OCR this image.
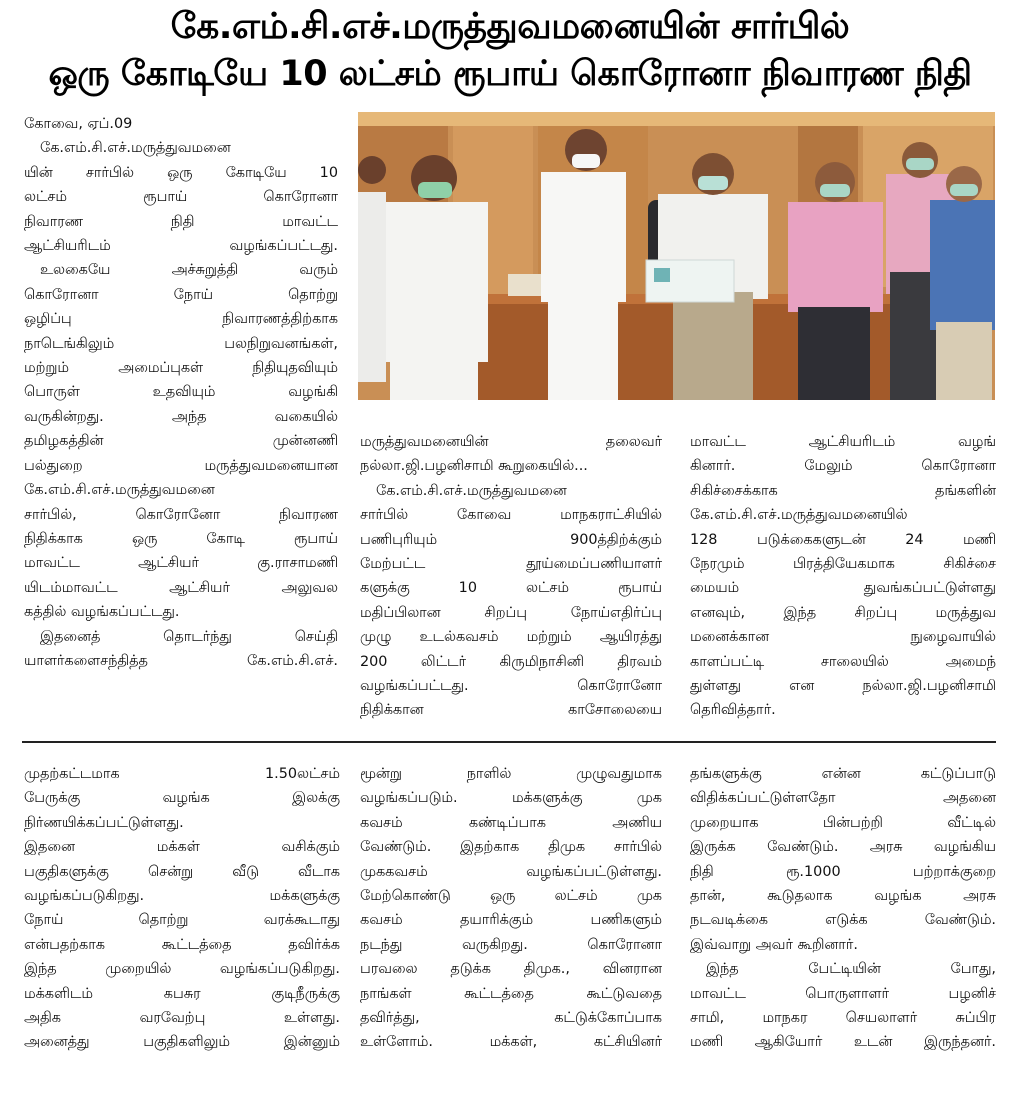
கே.எம்.சி.எச்.மருத்துவமனையின் சார்பில்
ஒரு கோடியே 10 லட்சம் ரூபாய் கொரோனா நிவாரண நிதி

கோவை, ஏப்.09

கே.எம்.சி.எச்.மருத்துவமனை

யின் சார்பில் ஒரு கோடியே 10

லட்சம் ரூபாய் கொரோனா

நிவாரண நிதி மாவட்ட

ஆட்சியரிடம் வழங்கப்பட்டது.

உலகையே அச்சுறுத்தி வரும்

கொரோனா நோய் தொற்று

ஒழிப்பு நிவாரணத்திற்காக

நாடெங்கிலும் பலநிறுவனங்கள்,

மற்றும் அமைப்புகள் நிதியுதவியும்

பொருள் உதவியும் வழங்கி

வருகின்றது. அந்த வகையில்

தமிழகத்தின் முன்னணி

பல்துறை மருத்துவமனையான

கே.எம்.சி.எச்.மருத்துவமனை

சார்பில், கொரோனோ நிவாரண

நிதிக்காக ஒரு கோடி ரூபாய்

மாவட்ட ஆட்சியர் கு.ராசாமணி

யிடம்மாவட்ட ஆட்சியர் அலுவல

கத்தில் வழங்கப்பட்டது.

இதனைத் தொடர்ந்து செய்தி

யாளர்களைசந்தித்த கே.எம்.சி.எச்.

மருத்துவமனையின் தலைவர்

நல்லா.ஜி.பழனிசாமி கூறுகையில்...

கே.எம்.சி.எச்.மருத்துவமனை

சார்பில் கோவை மாநகராட்சியில்

பணிபுரியும் 900த்திற்க்கும்

மேற்பட்ட தூய்மைப்பணியாளர்

களுக்கு 10 லட்சம் ரூபாய்

மதிப்பிலான சிறப்பு நோய்எதிர்ப்பு

முழு உடல்கவசம் மற்றும் ஆயிரத்து

200 லிட்டர் கிருமிநாசினி திரவம்

வழங்கப்பட்டது. கொரோனோ

நிதிக்கான காசோலையை

மாவட்ட ஆட்சியரிடம் வழங்

கினார். மேலும் கொரோனா

சிகிச்சைக்காக தங்களின்

கே.எம்.சி.எச்.மருத்துவமனையில்

128 படுக்கைகளுடன் 24 மணி

நேரமும் பிரத்தியேகமாக சிகிச்சை

மையம் துவங்கப்பட்டுள்ளது

எனவும், இந்த சிறப்பு மருத்துவ

மனைக்கான நுழைவாயில்

காளப்பட்டி சாலையில் அமைந்

துள்ளது என நல்லா.ஜி.பழனிசாமி

தெரிவித்தார்.

முதற்கட்டமாக 1.50லட்சம்

பேருக்கு வழங்க இலக்கு

நிர்ணயிக்கப்பட்டுள்ளது.

இதனை மக்கள் வசிக்கும்

பகுதிகளுக்கு சென்று வீடு வீடாக

வழங்கப்படுகிறது. மக்களுக்கு

நோய் தொற்று வரக்கூடாது

என்பதற்காக கூட்டத்தை தவிர்க்க

இந்த முறையில் வழங்கப்படுகிறது.

மக்களிடம் கபசுர குடிநீருக்கு

அதிக வரவேற்பு உள்ளது.

அனைத்து பகுதிகளிலும் இன்னும்

மூன்று நாளில் முழுவதுமாக

வழங்கப்படும். மக்களுக்கு முக

கவசம் கண்டிப்பாக அணிய

வேண்டும். இதற்காக திமுக சார்பில்

முககவசம் வழங்கப்பட்டுள்ளது.

மேற்கொண்டு ஒரு லட்சம் முக

கவசம் தயாரிக்கும் பணிகளும்

நடந்து வருகிறது. கொரோனா

பரவலை தடுக்க திமுக., வினரான

நாங்கள் கூட்டத்தை கூட்டுவதை

தவிர்த்து, கட்டுக்கோப்பாக

உள்ளோம். மக்கள், கட்சியினர்

தங்களுக்கு என்ன கட்டுப்பாடு

விதிக்கப்பட்டுள்ளதோ அதனை

முறையாக பின்பற்றி வீட்டில்

இருக்க வேண்டும். அரசு வழங்கிய

நிதி ரூ.1000 பற்றாக்குறை

தான், கூடுதலாக வழங்க அரசு

நடவடிக்கை எடுக்க வேண்டும்.

இவ்வாறு அவர் கூறினார்.

இந்த பேட்டியின் போது,

மாவட்ட பொருளாளர் பழனிச்

சாமி, மாநகர செயலாளர் சுப்பிர

மணி ஆகியோர் உடன் இருந்தனர்.
